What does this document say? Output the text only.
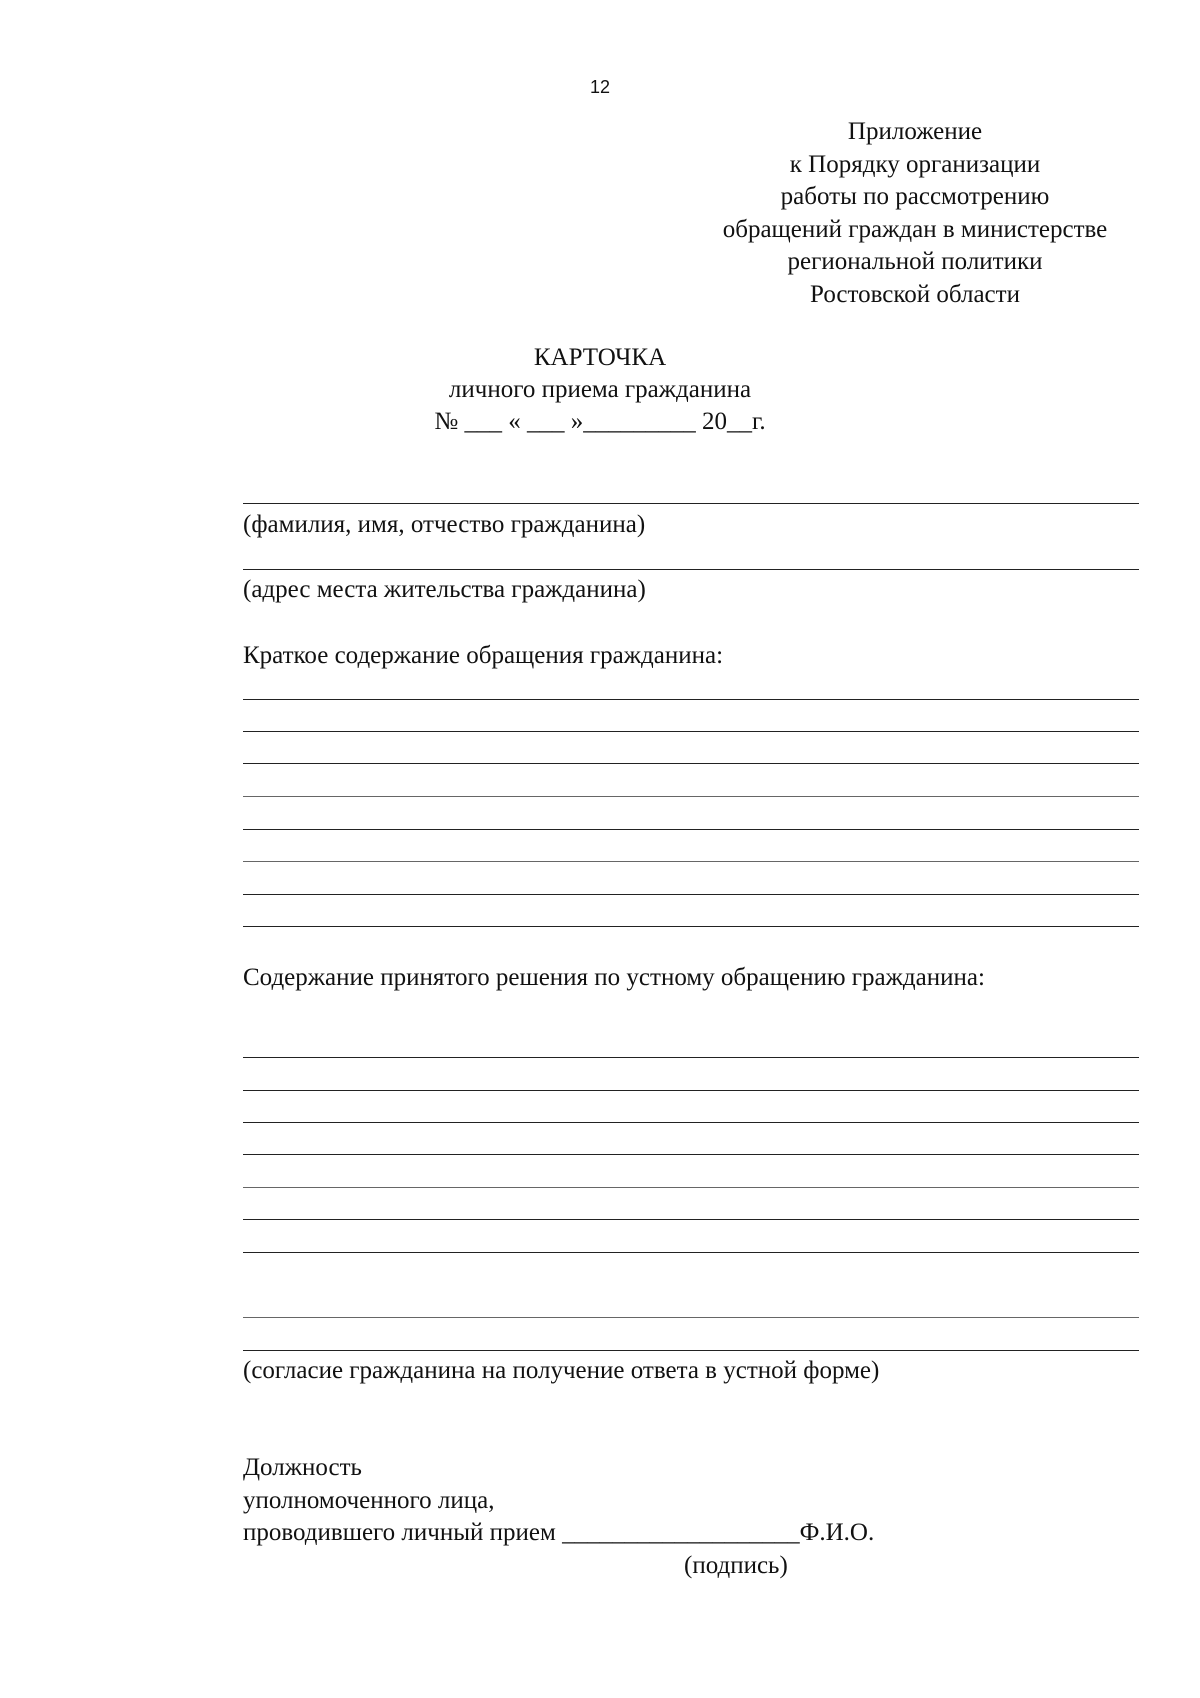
12
Приложение
к Порядку организации
работы по рассмотрению
обращений граждан в министерстве
региональной политики
Ростовской области
КАРТОЧКА
личного приема гражданина
№ ___ « ___ »_________ 20__г.
(фамилия, имя, отчество гражданина)
(адрес места жительства гражданина)
Краткое содержание обращения гражданина:
Содержание принятого решения по устному обращению гражданина:
(согласие гражданина на получение ответа в устной форме)
Должность
уполномоченного лица,
проводившего личный прием ___________________Ф.И.О.
(подпись)
